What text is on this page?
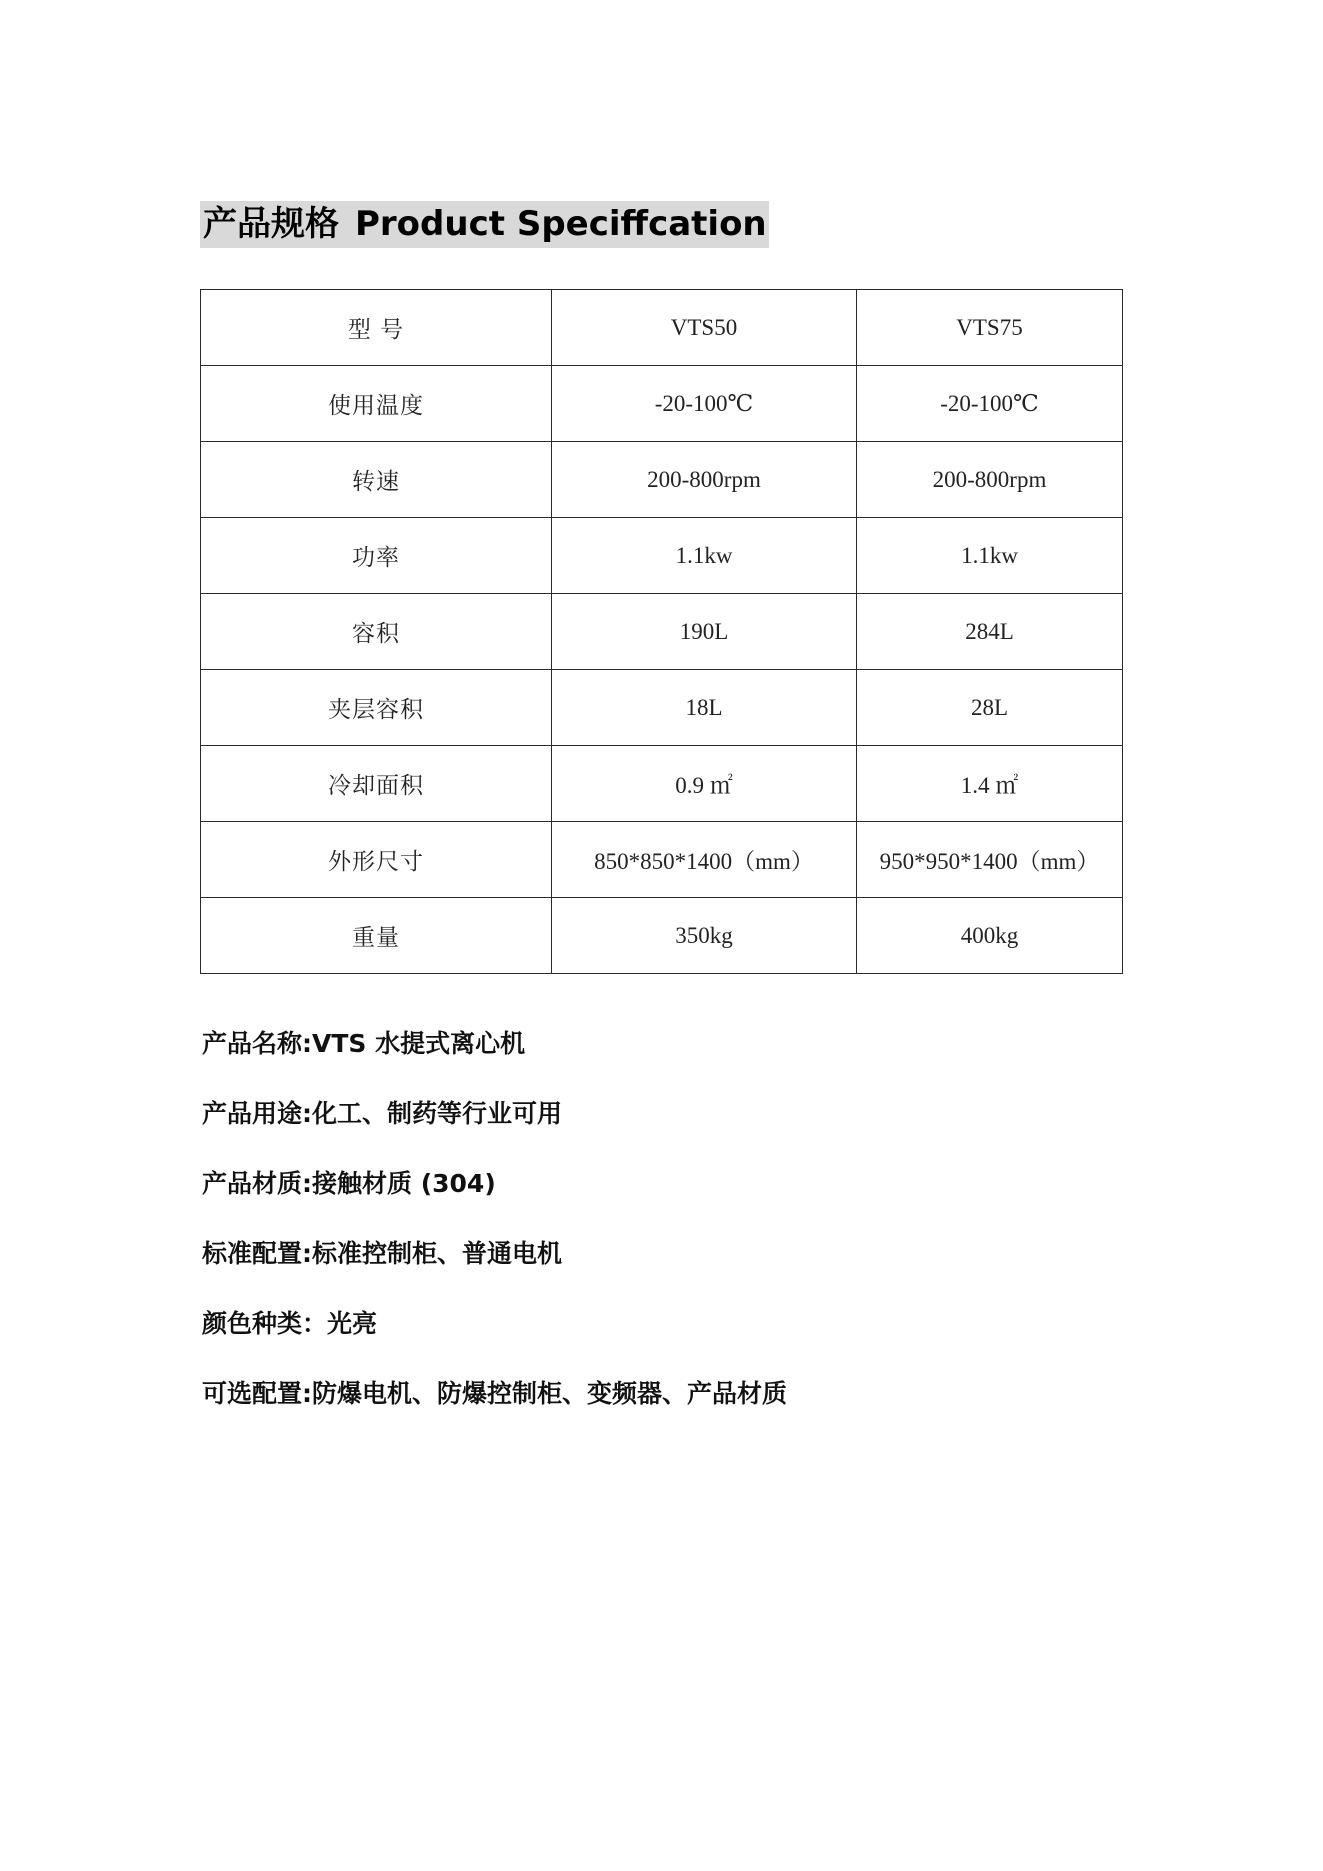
产品规格 Product Speciffcation
型 号	VTS50	VTS75
使用温度	-20-100℃	-20-100℃
转速	200-800rpm	200-800rpm
功率	1.1kw	1.1kw
容积	190L	284L
夹层容积	18L	28L
冷却面积	0.9 ㎡	1.4 ㎡
外形尺寸	850*850*1400（mm）	950*950*1400（mm）
重量	350kg	400kg
产品名称:VTS 水提式离心机
产品用途:化工、制药等行业可用
产品材质:接触材质 (304)
标准配置:标准控制柜、普通电机
颜色种类：光亮
可选配置:防爆电机、防爆控制柜、变频器、产品材质
